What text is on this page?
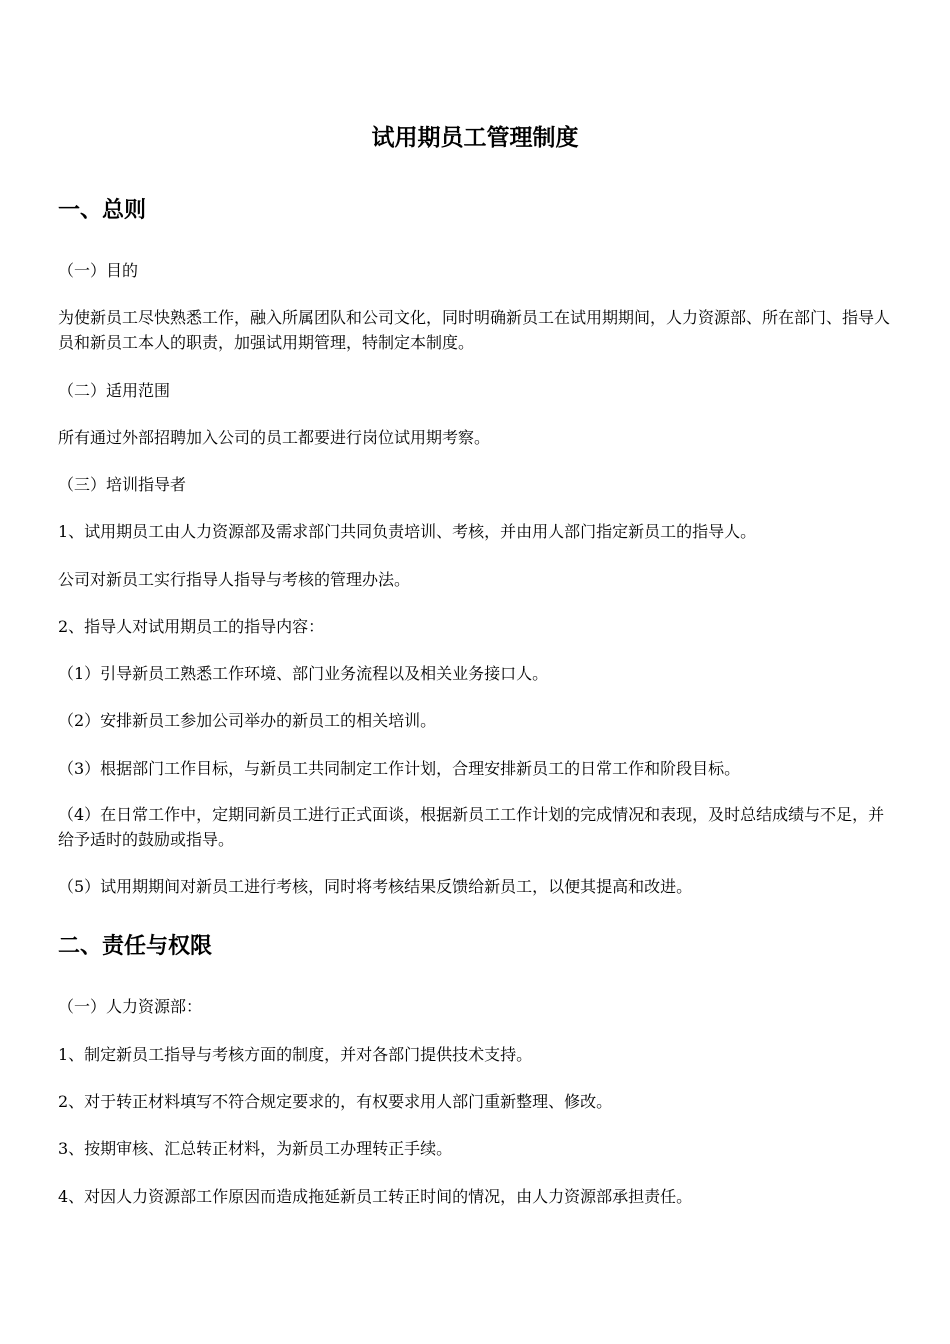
试用期员工管理制度
一、总则

（一）目的

为使新员工尽快熟悉工作，融入所属团队和公司文化，同时明确新员工在试用期期间，人力资源部、所在部门、指导人员和新员工本人的职责，加强试用期管理，特制定本制度。

（二）适用范围

所有通过外部招聘加入公司的员工都要进行岗位试用期考察。

（三）培训指导者

1、试用期员工由人力资源部及需求部门共同负责培训、考核，并由用人部门指定新员工的指导人。

公司对新员工实行指导人指导与考核的管理办法。

2、指导人对试用期员工的指导内容：

（1）引导新员工熟悉工作环境、部门业务流程以及相关业务接口人。

（2）安排新员工参加公司举办的新员工的相关培训。

（3）根据部门工作目标，与新员工共同制定工作计划，合理安排新员工的日常工作和阶段目标。

（4）在日常工作中，定期同新员工进行正式面谈，根据新员工工作计划的完成情况和表现，及时总结成绩与不足，并给予适时的鼓励或指导。

（5）试用期期间对新员工进行考核，同时将考核结果反馈给新员工，以便其提高和改进。

二、责任与权限

（一）人力资源部：

1、制定新员工指导与考核方面的制度，并对各部门提供技术支持。

2、对于转正材料填写不符合规定要求的，有权要求用人部门重新整理、修改。

3、按期审核、汇总转正材料，为新员工办理转正手续。

4、对因人力资源部工作原因而造成拖延新员工转正时间的情况，由人力资源部承担责任。
